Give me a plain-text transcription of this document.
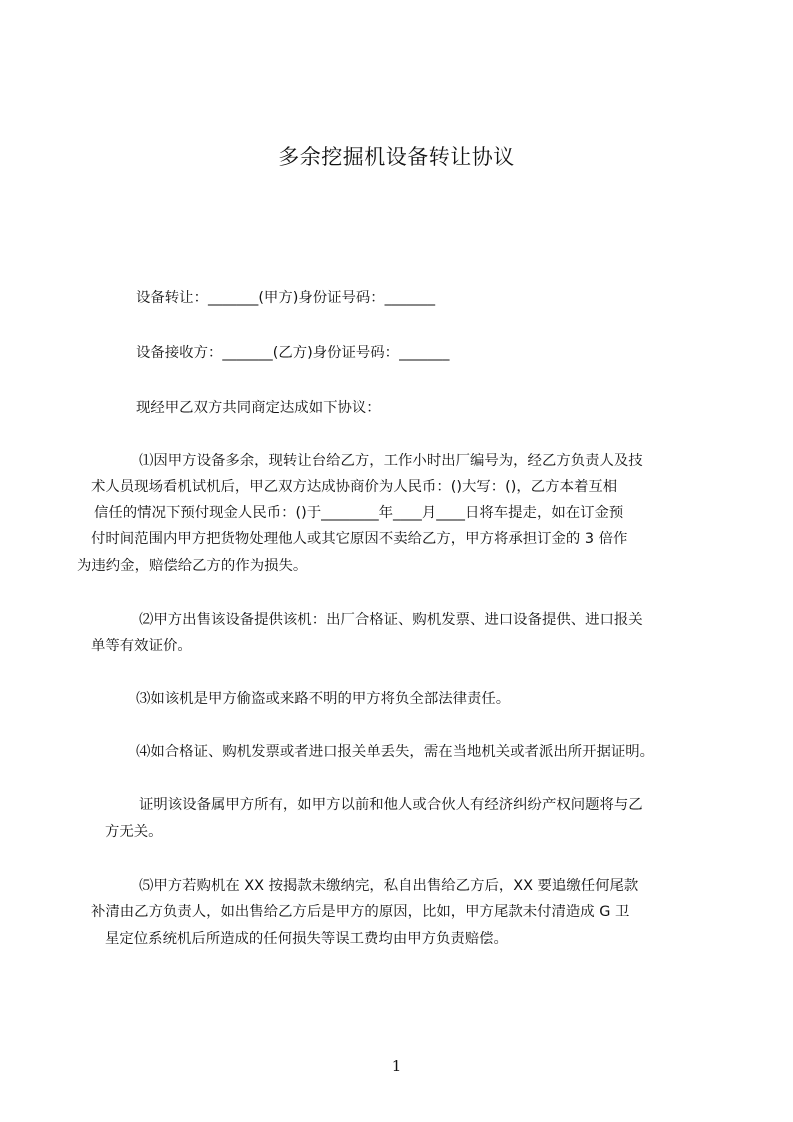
多余挖掘机设备转让协议
设备转让：_______(甲方)身份证号码：_______
设备接收方：_______(乙方)身份证号码：_______
现经甲乙双方共同商定达成如下协议：
⑴因甲方设备多余，现转让台给乙方，工作小时出厂编号为，经乙方负责人及技
术人员现场看机试机后，甲乙双方达成协商价为人民币：()大写：()，乙方本着互相
信任的情况下预付现金人民币：()于________年____月____日将车提走，如在订金预
付时间范围内甲方把货物处理他人或其它原因不卖给乙方，甲方将承担订金的 3 倍作
为违约金，赔偿给乙方的作为损失。
⑵甲方出售该设备提供该机：出厂合格证、购机发票、进口设备提供、进口报关
单等有效证价。
⑶如该机是甲方偷盗或来路不明的甲方将负全部法律责任。
⑷如合格证、购机发票或者进口报关单丢失，需在当地机关或者派出所开据证明。
证明该设备属甲方所有，如甲方以前和他人或合伙人有经济纠纷产权问题将与乙
方无关。
⑸甲方若购机在 XX 按揭款未缴纳完，私自出售给乙方后，XX 要追缴任何尾款
补清由乙方负责人，如出售给乙方后是甲方的原因，比如，甲方尾款未付清造成 G 卫
星定位系统机后所造成的任何损失等误工费均由甲方负责赔偿。
1
